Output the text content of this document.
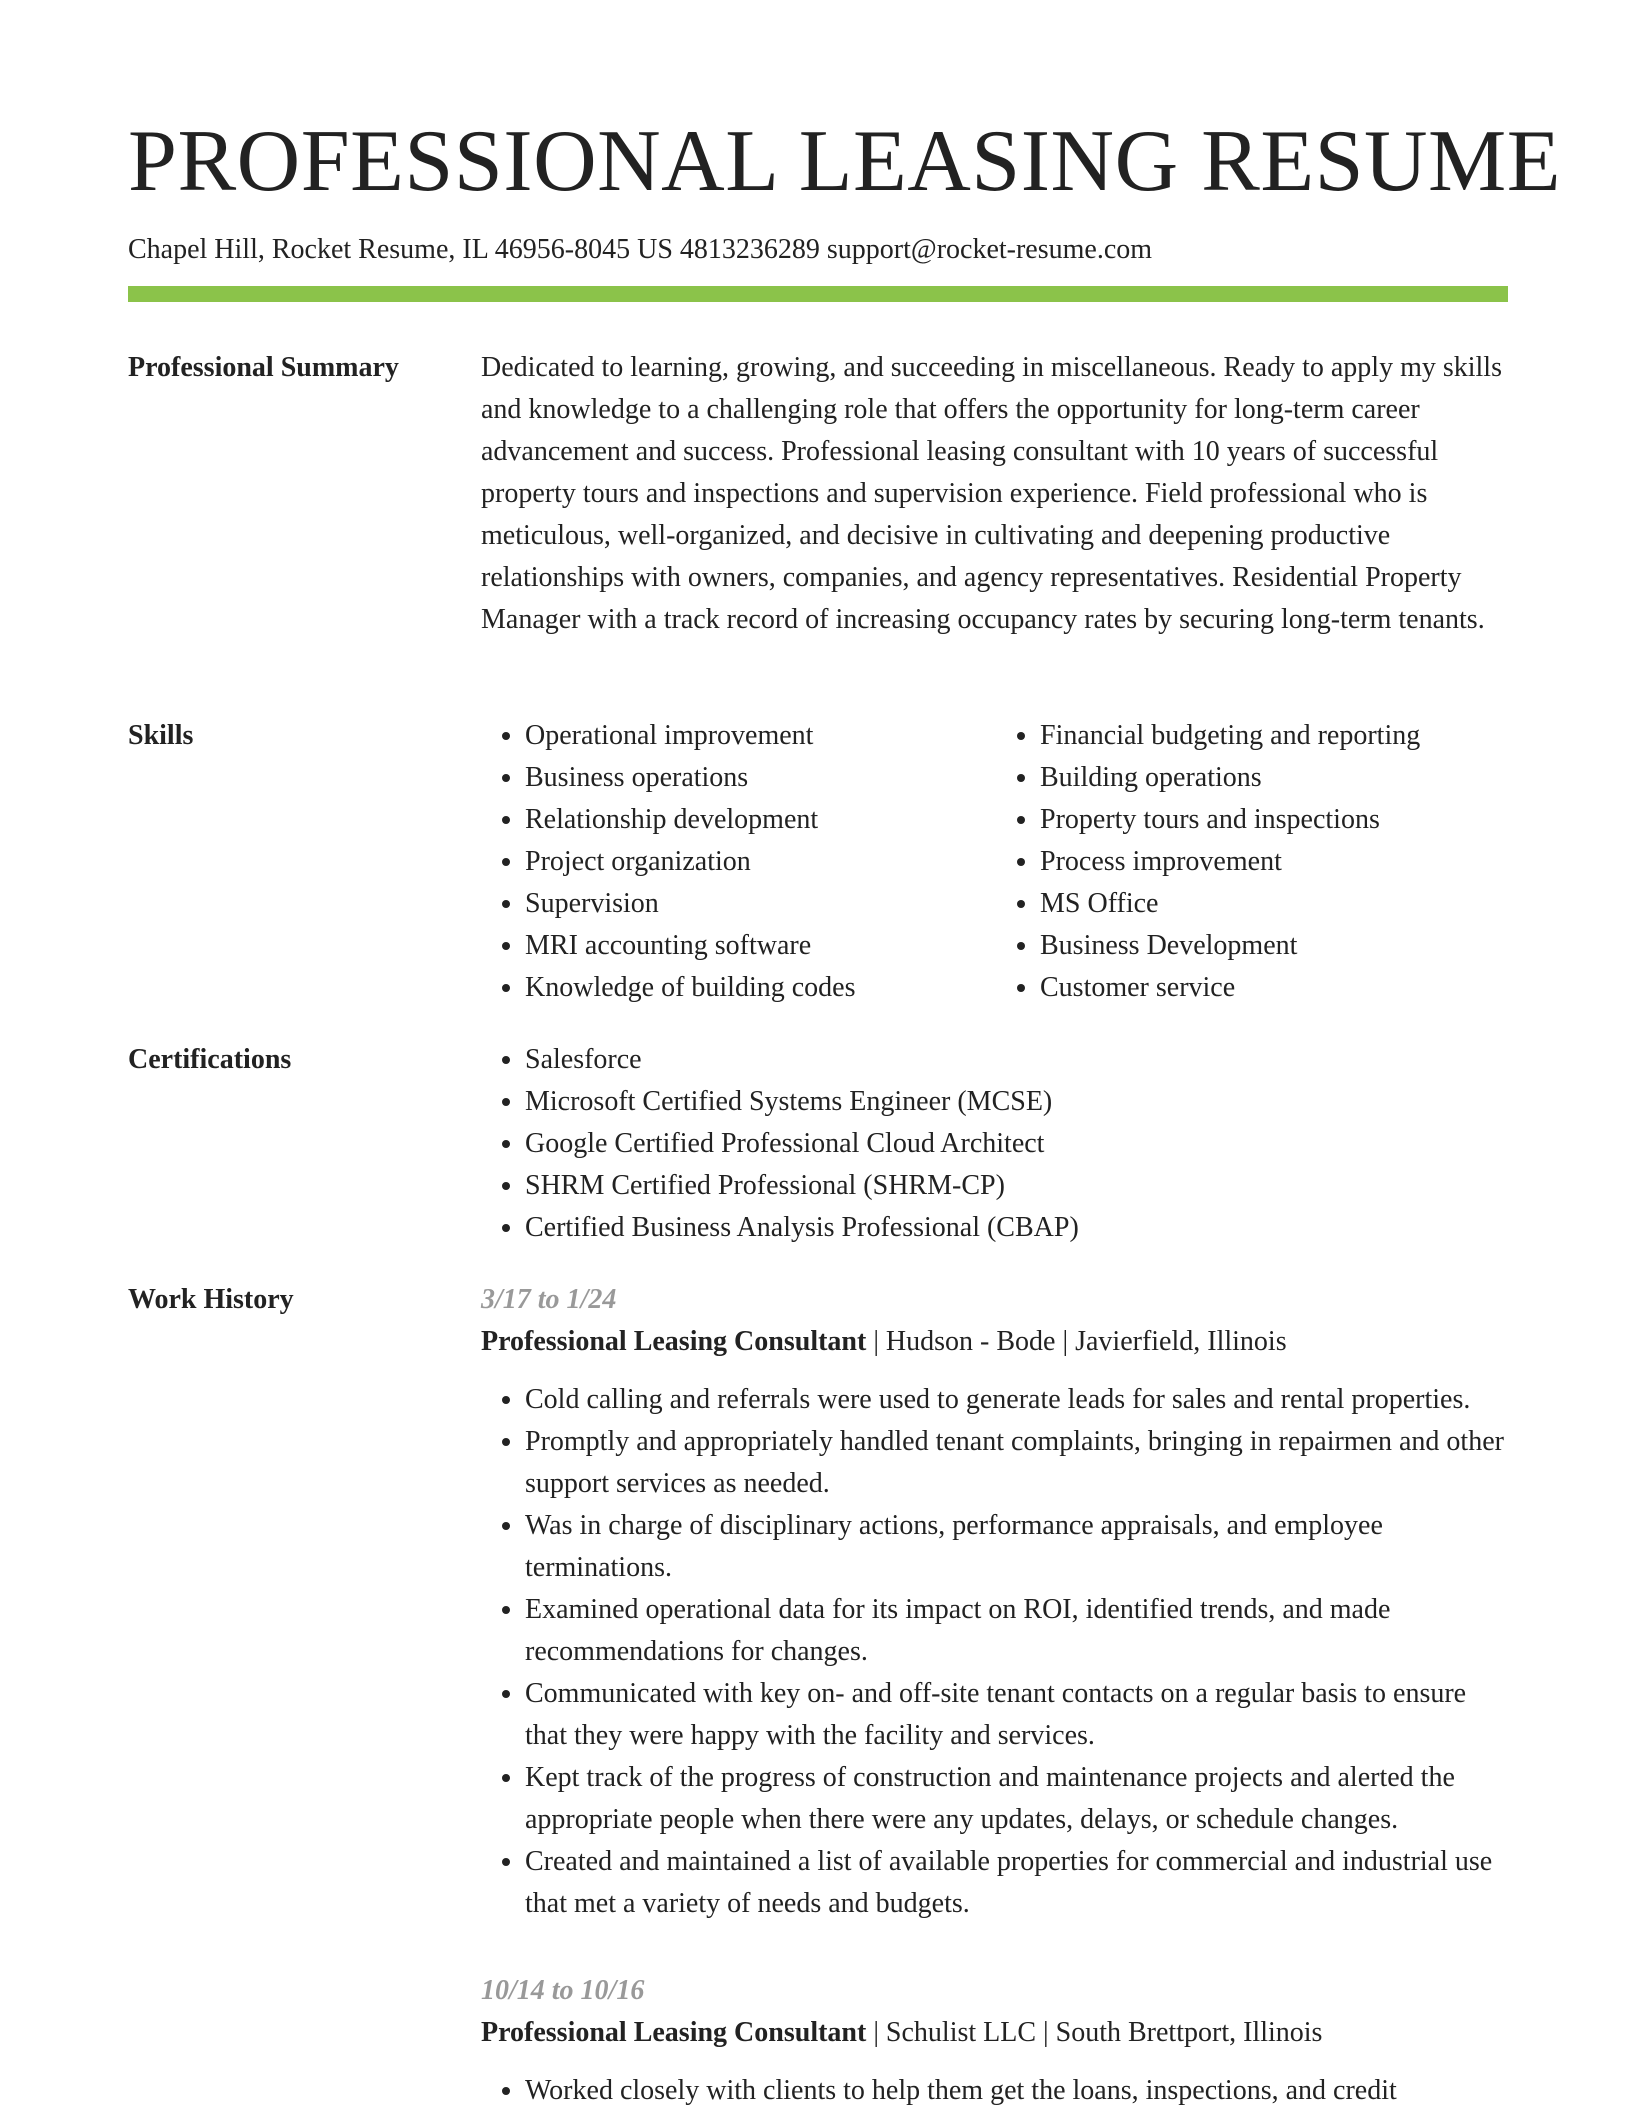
PROFESSIONAL LEASING RESUME
Chapel Hill, Rocket Resume, IL 46956-8045 US 4813236289 support@rocket-resume.com
Professional Summary	Dedicated to learning, growing, and succeeding in miscellaneous. Ready to apply my skills and knowledge to a challenging role that offers the opportunity for long-term career advancement and success. Professional leasing consultant with 10 years of successful property tours and inspections and supervision experience. Field professional who is meticulous, well-organized, and decisive in cultivating and deepening productive relationships with owners, companies, and agency representatives. Residential Property Manager with a track record of increasing occupancy rates by securing long-term tenants.

Skills	• Operational improvement
• Business operations
• Relationship development
• Project organization
• Supervision
• MRI accounting software
• Knowledge of building codes
• Financial budgeting and reporting
• Building operations
• Property tours and inspections
• Process improvement
• MS Office
• Business Development
• Customer service
Certifications	• Salesforce
• Microsoft Certified Systems Engineer (MCSE)
• Google Certified Professional Cloud Architect
• SHRM Certified Professional (SHRM-CP)
• Certified Business Analysis Professional (CBAP)
Work History	3/17 to 1/24

Professional Leasing Consultant | Hudson - Bode | Javierfield, Illinois

• Cold calling and referrals were used to generate leads for sales and rental properties.
• Promptly and appropriately handled tenant complaints, bringing in repairmen and other support services as needed.
• Was in charge of disciplinary actions, performance appraisals, and employee terminations.
• Examined operational data for its impact on ROI, identified trends, and made recommendations for changes.
• Communicated with key on- and off-site tenant contacts on a regular basis to ensure that they were happy with the facility and services.
• Kept track of the progress of construction and maintenance projects and alerted the appropriate people when there were any updates, delays, or schedule changes.
• Created and maintained a list of available properties for commercial and industrial use that met a variety of needs and budgets.

10/14 to 10/16

Professional Leasing Consultant | Schulist LLC | South Brettport, Illinois

• Worked closely with clients to help them get the loans, inspections, and credit
